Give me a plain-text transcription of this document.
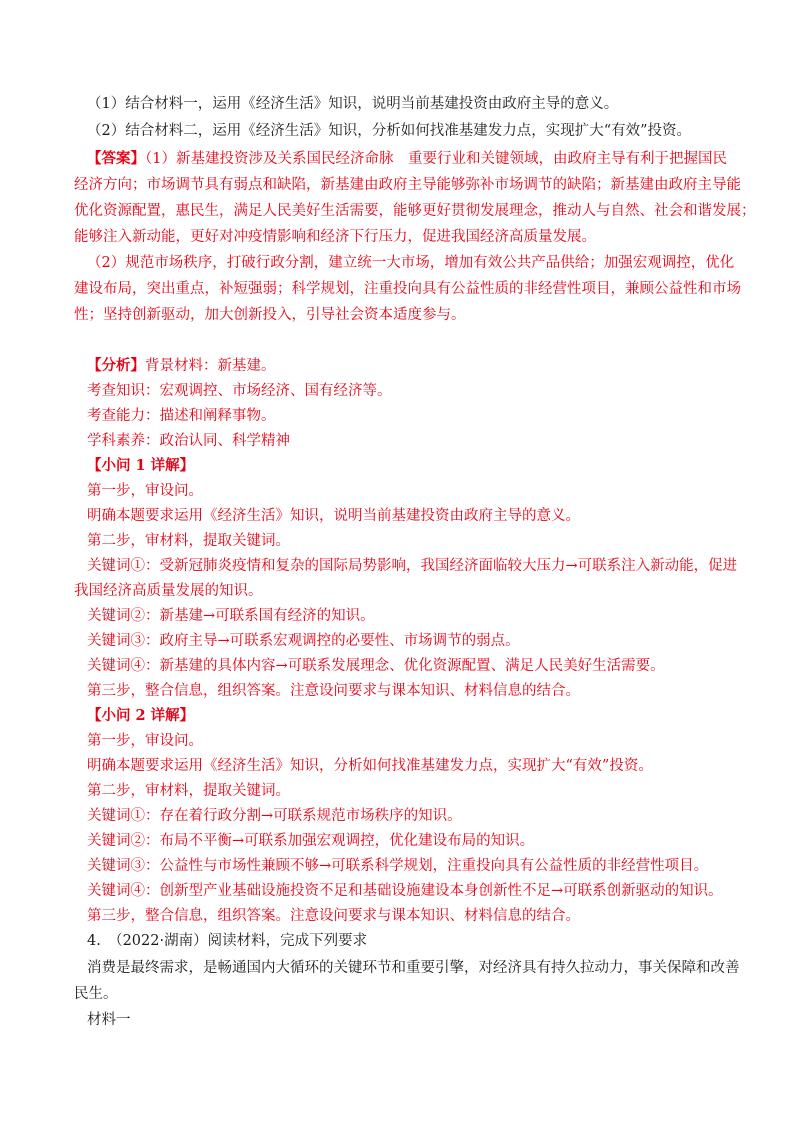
（1）结合材料一，运用《经济生活》知识，说明当前基建投资由政府主导的意义。
（2）结合材料二，运用《经济生活》知识，分析如何找准基建发力点，实现扩大“有效”投资。
【答案】（1）新基建投资涉及关系国民经济命脉　重要行业和关键领域，由政府主导有利于把握国民
经济方向；市场调节具有弱点和缺陷，新基建由政府主导能够弥补市场调节的缺陷；新基建由政府主导能
优化资源配置，惠民生，满足人民美好生活需要，能够更好贯彻发展理念，推动人与自然、社会和谐发展；
能够注入新动能，更好对冲疫情影响和经济下行压力，促进我国经济高质量发展。
（2）规范市场秩序，打破行政分割，建立统一大市场，增加有效公共产品供给；加强宏观调控，优化
建设布局，突出重点，补短强弱；科学规划，注重投向具有公益性质的非经营性项目，兼顾公益性和市场
性；坚持创新驱动，加大创新投入，引导社会资本适度参与。
【分析】背景材料：新基建。
考查知识：宏观调控、市场经济、国有经济等。
考查能力：描述和阐释事物。
学科素养：政治认同、科学精神
【小问 1 详解】
第一步，审设问。
明确本题要求运用《经济生活》知识，说明当前基建投资由政府主导的意义。
第二步，审材料，提取关键词。
关键词①：受新冠肺炎疫情和复杂的国际局势影响，我国经济面临较大压力→可联系注入新动能，促进
我国经济高质量发展的知识。
关键词②：新基建→可联系国有经济的知识。
关键词③：政府主导→可联系宏观调控的必要性、市场调节的弱点。
关键词④：新基建的具体内容→可联系发展理念、优化资源配置、满足人民美好生活需要。
第三步，整合信息，组织答案。注意设问要求与课本知识、材料信息的结合。
【小问 2 详解】
第一步，审设问。
明确本题要求运用《经济生活》知识，分析如何找准基建发力点，实现扩大“有效”投资。
第二步，审材料，提取关键词。
关键词①：存在着行政分割→可联系规范市场秩序的知识。
关键词②：布局不平衡→可联系加强宏观调控，优化建设布局的知识。
关键词③：公益性与市场性兼顾不够→可联系科学规划，注重投向具有公益性质的非经营性项目。
关键词④：创新型产业基础设施投资不足和基础设施建设本身创新性不足→可联系创新驱动的知识。
第三步，整合信息，组织答案。注意设问要求与课本知识、材料信息的结合。
4.　（2022·湖南）阅读材料，完成下列要求
消费是最终需求，是畅通国内大循环的关键环节和重要引擎，对经济具有持久拉动力，事关保障和改善
民生。
材料一
